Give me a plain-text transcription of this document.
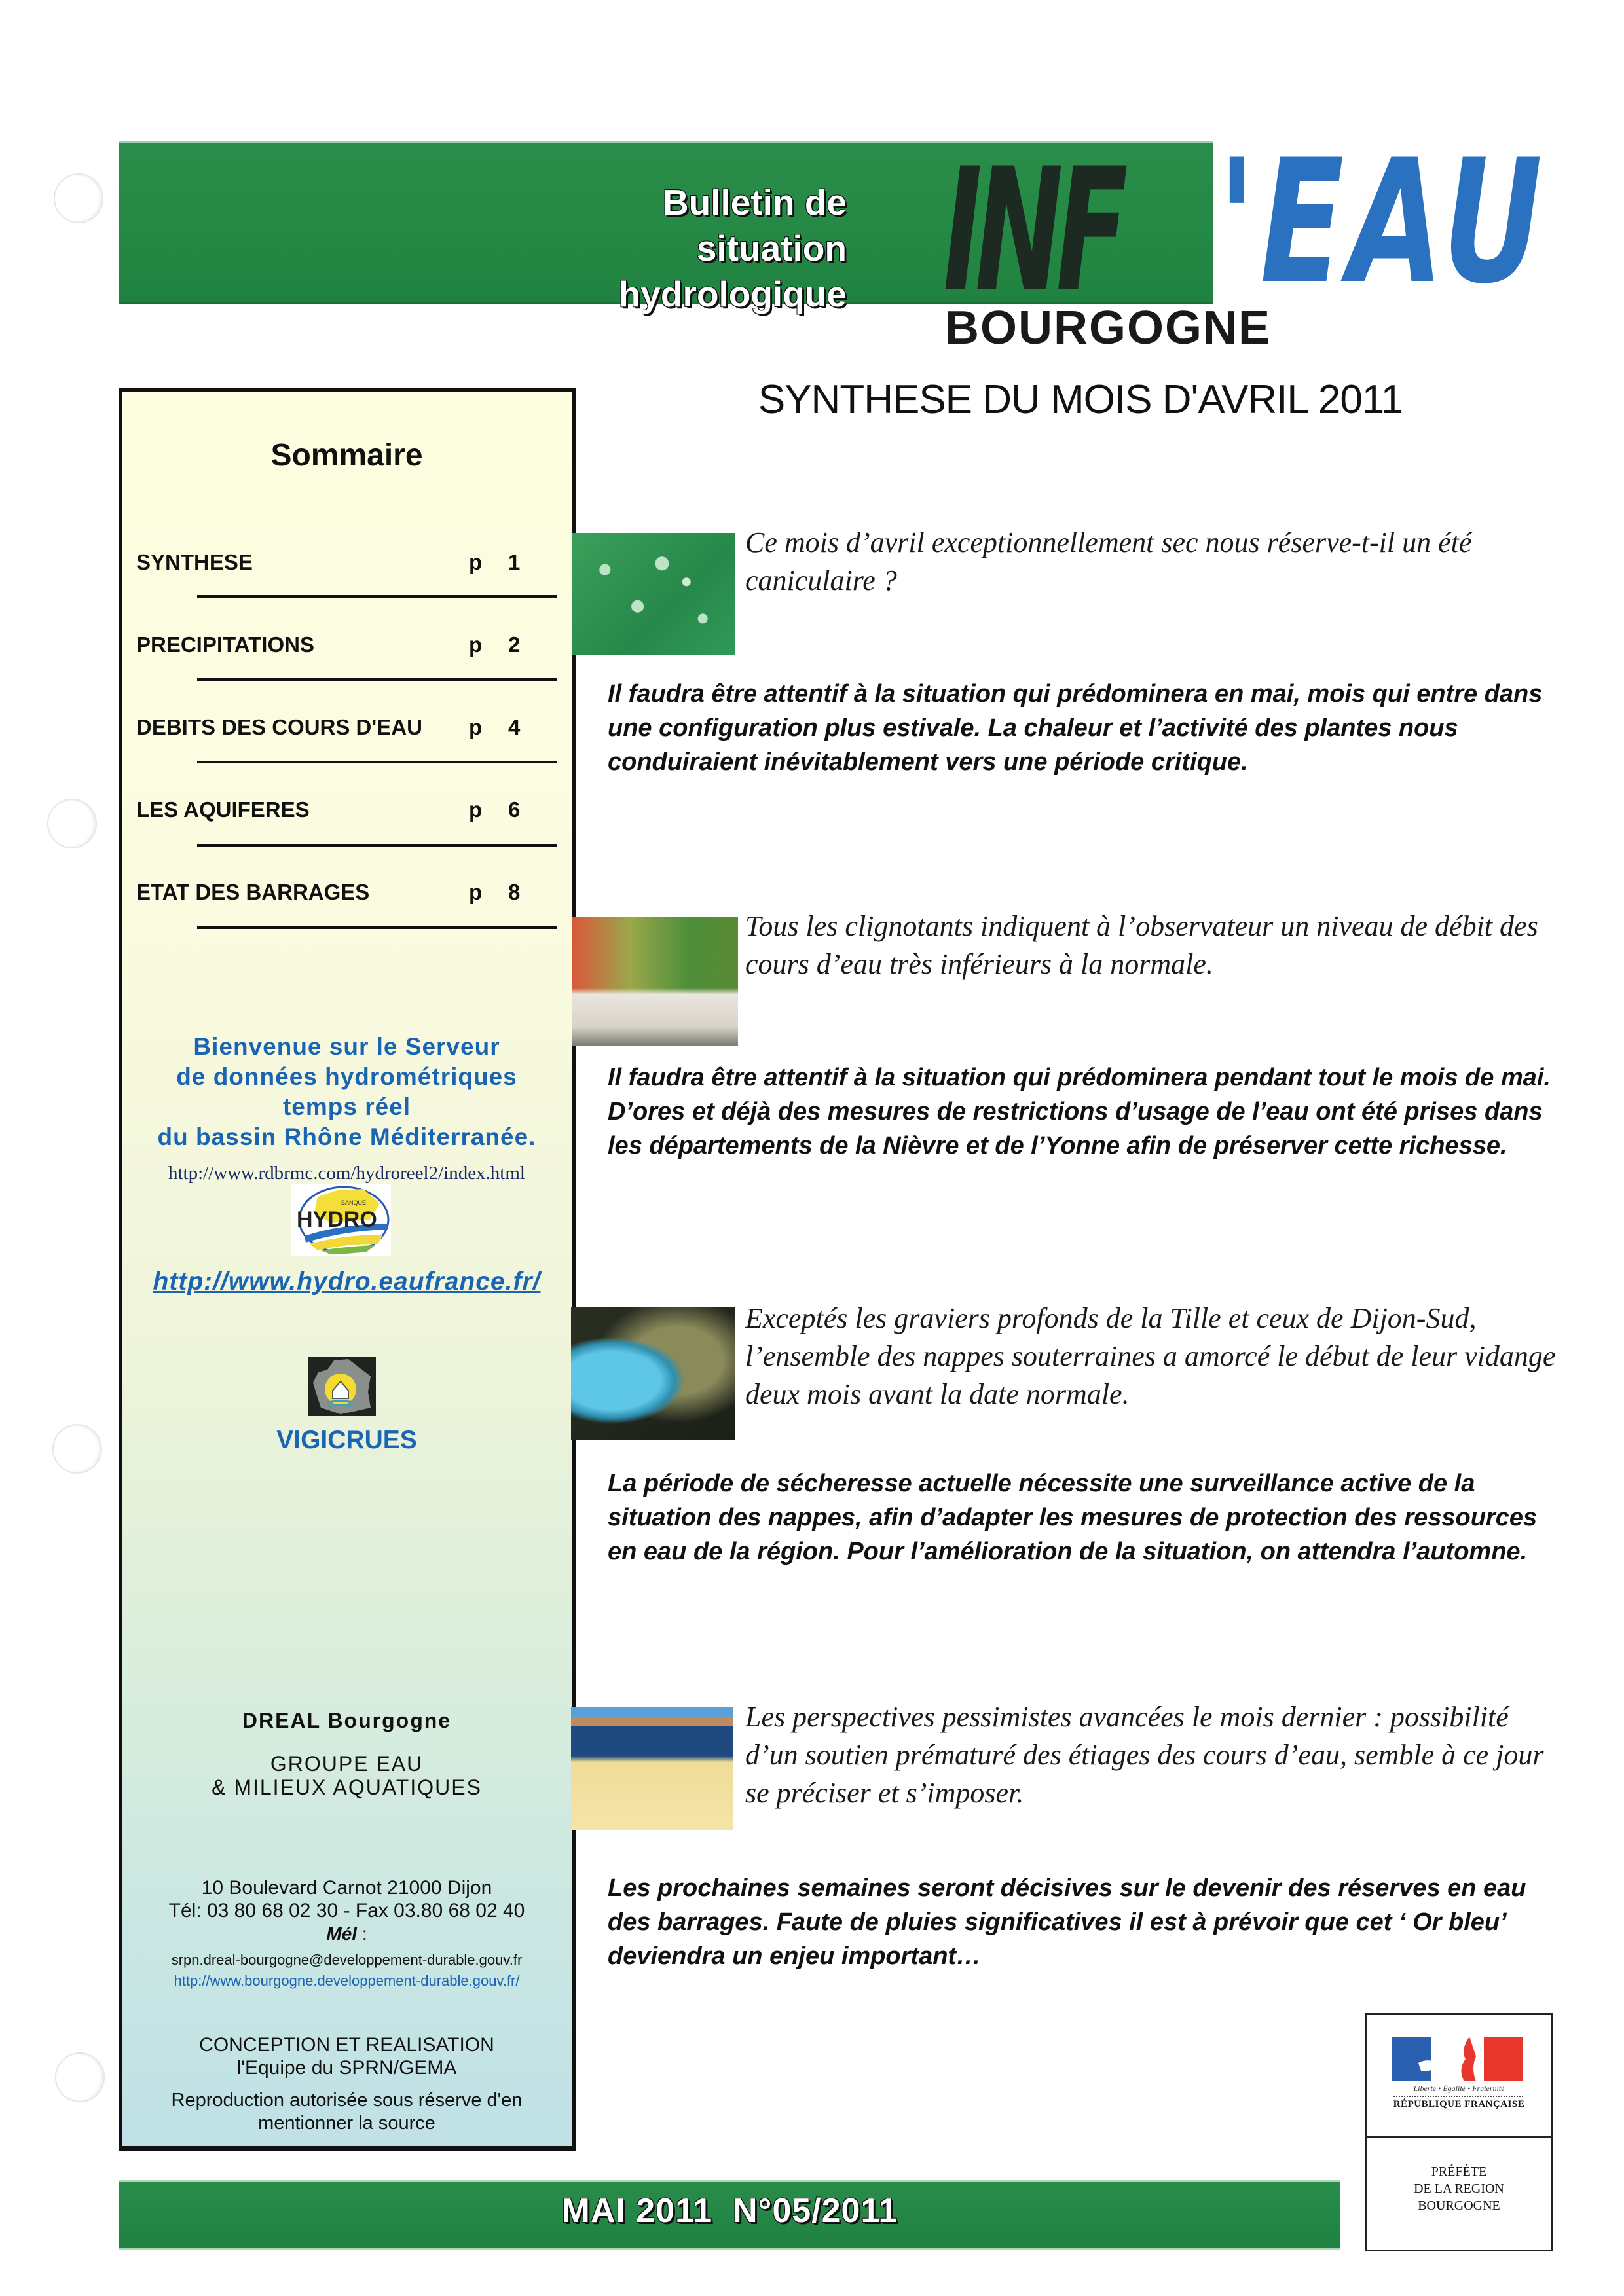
Bulletin de
situation hydrologique INF 'EAU
BOURGOGNE
SYNTHESE DU MOIS D'AVRIL 2011
Sommaire
SYNTHESE	p 1
PRECIPITATIONS	p 2
DEBITS DES COURS D'EAU p 4
LES AQUIFERES	p 6
ETAT DES BARRAGES	p 8
Bienvenue sur le Serveur
de données hydrométriques
temps réel
du bassin Rhône Méditerranée.
http://www.rdbrmc.com/hydroreel2/index.html
BANQUE
HYDRO
http://www.hydro.eaufrance.fr/
VIGICRUES
DREAL Bourgogne
GROUPE EAU
& MILIEUX AQUATIQUES
10 Boulevard Carnot 21000 Dijon
Tél: 03 80 68 02 30 - Fax 03.80 68 02 40
Mél :
srpn.dreal-bourgogne@developpement-durable.gouv.fr
http://www.bourgogne.developpement-durable.gouv.fr/
CONCEPTION ET REALISATION
l'Equipe du SPRN/GEMA
Reproduction autorisée sous réserve d'en
mentionner la source
Ce mois d’avril exceptionnellement sec nous réserve-t-il un été caniculaire ?
Il faudra être attentif à la situation qui prédominera en mai, mois qui entre dans une configuration plus estivale. La chaleur et l’activité des plantes nous conduiraient inévitablement vers une période critique.
Tous les clignotants indiquent à l’observateur un niveau de débit des cours d’eau très inférieurs à la normale.
Il faudra être attentif à la situation qui prédominera pendant tout le mois de mai. D’ores et déjà des mesures de restrictions d’usage de l’eau ont été prises dans les départements de la Nièvre et de l’Yonne afin de préserver cette richesse.
Exceptés les graviers profonds de la Tille et ceux de Dijon-Sud, l’ensemble des nappes souterraines a amorcé le début de leur vidange deux mois avant la date normale.
La période de sécheresse actuelle nécessite une surveillance active de la situation des nappes, afin d’adapter les mesures de protection des ressources en eau de la région. Pour l’amélioration de la situation, on attendra l’automne.
Les perspectives pessimistes avancées le mois dernier : possibilité d’un soutien prématuré des étiages des cours d’eau, semble à ce jour se préciser et s’imposer.
Les prochaines semaines seront décisives sur le devenir des réserves en eau des barrages. Faute de pluies significatives il est à prévoir que cet ‘ Or bleu’ deviendra un enjeu important…
MAI 2011  N°05/2011
Liberté • Égalité • Fraternité
RÉPUBLIQUE FRANÇAISE
PRÉFÈTE
DE LA REGION
BOURGOGNE
